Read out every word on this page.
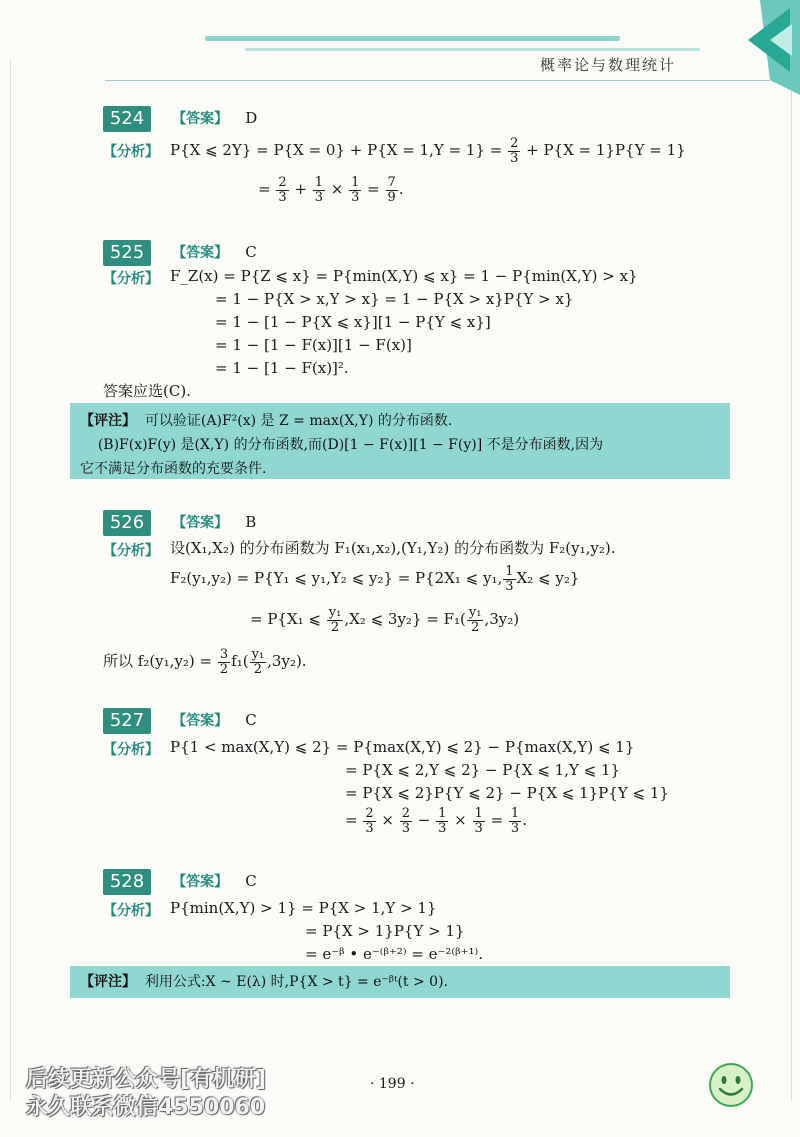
概率论与数理统计
524 【答案】 D
【分析】 P{X ⩽ $2Y\} = P\{X = 0\} + P\{X = 1,Y = 1\} = \frac{2}{3} + P\{X = 1\}P\{Y = 1\}$
= $\frac{2}{3} + \frac{1}{3} \times \frac{1}{3} = \frac{7}{9}$ .
525 【答案】 C
【分析】 F_Z(x) = P{Z ⩽ x} = P{min(X,Y) ⩽ x} = 1 − P{min(X,Y) > x}
= 1 − P{X > x,Y > x} = 1 − P{X > x}P{Y > x}
= 1 − [1 − P{X ⩽ x}][1 − P{Y ⩽ x}]
= 1 − [1 − F(x)][1 − F(x)]
= 1 − [1 − F(x)]².
答案应选(C).
【评注】 可以验证(A)F²(x) 是 Z = max(X,Y) 的分布函数.
(B)F(x)F(y) 是(X,Y) 的分布函数,而(D)[1 − F(x)][1 − F(y)] 不是分布函数,因为
它不满足分布函数的充要条件.
526 【答案】 B
【分析】 设(X₁,X₂) 的分布函数为 F₁(x₁,x₂),(Y₁,Y₂) 的分布函数为 F₂(y₁,y₂).
F₂(y₁,y₂) = P{Y₁ ⩽ y₁,Y₂ ⩽ y₂} = P{2X₁ ⩽ y₁, $\frac{1}{3} X_2$ ⩽ y₂}
= P{X₁ ⩽ $\frac{\text{y₁}}{2} ,X_2$ ⩽ $3y_2\} = F_1( \frac{\text{y₁}}{2} ,3y_2)$
所以 $f_2(y_1,y_2) = \frac{3}{2} f_1( \frac{\text{y₁}}{2} ,3y_2)$.
527 【答案】 C
【分析】 P{1 < max(X,Y) ⩽ 2} = P{max(X,Y) ⩽ 2} − P{max(X,Y) ⩽ 1}
= P{X ⩽ 2,Y ⩽ 2} − P{X ⩽ 1,Y ⩽ 1}
= P{X ⩽ 2}P{Y ⩽ 2} − P{X ⩽ 1}P{Y ⩽ 1}
= $\frac{2}{3} \times \frac{2}{3} - \frac{1}{3} \times \frac{1}{3} = \frac{1}{3}$ .
528 【答案】 C
【分析】 P{min(X,Y) > 1} = P{X > 1,Y > 1}
= P{X > 1}P{Y > 1}
= e⁻ᵝ • e⁻⁽ᵝ⁺²⁾ = e⁻²⁽ᵝ⁺¹⁾.
【评注】 利用公式:X ~ E(λ) 时,P{X > t} = e⁻ᵝᵗ(t > 0).
· 199 ·
后续更新公众号[有机研]
永久联系微信4550060
